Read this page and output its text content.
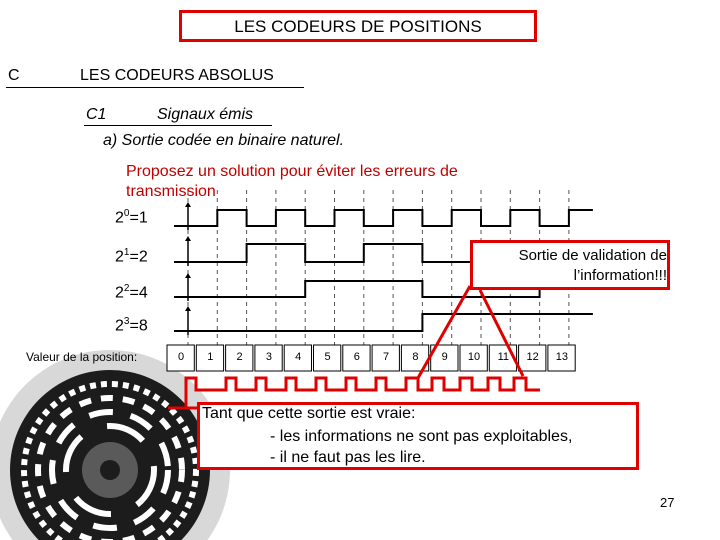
LES CODEURS DE POSITIONS
C	LES CODEURS ABSOLUS
C1	Signaux émis
a) Sortie codée en binaire naturel.
Proposez un solution pour éviter les erreurs de
transmission
$2^0=1$
$2^1=2$
$2^2=4$
$2^3=8$
Valeur de la position:	0	1	2	3	4	5	6	7	8	9	10	11	12	13
Sortie de validation de
l’information!!!
Tant que cette sortie est vraie:
- les informations ne sont pas exploitables,
- il ne faut pas les lire.
27
